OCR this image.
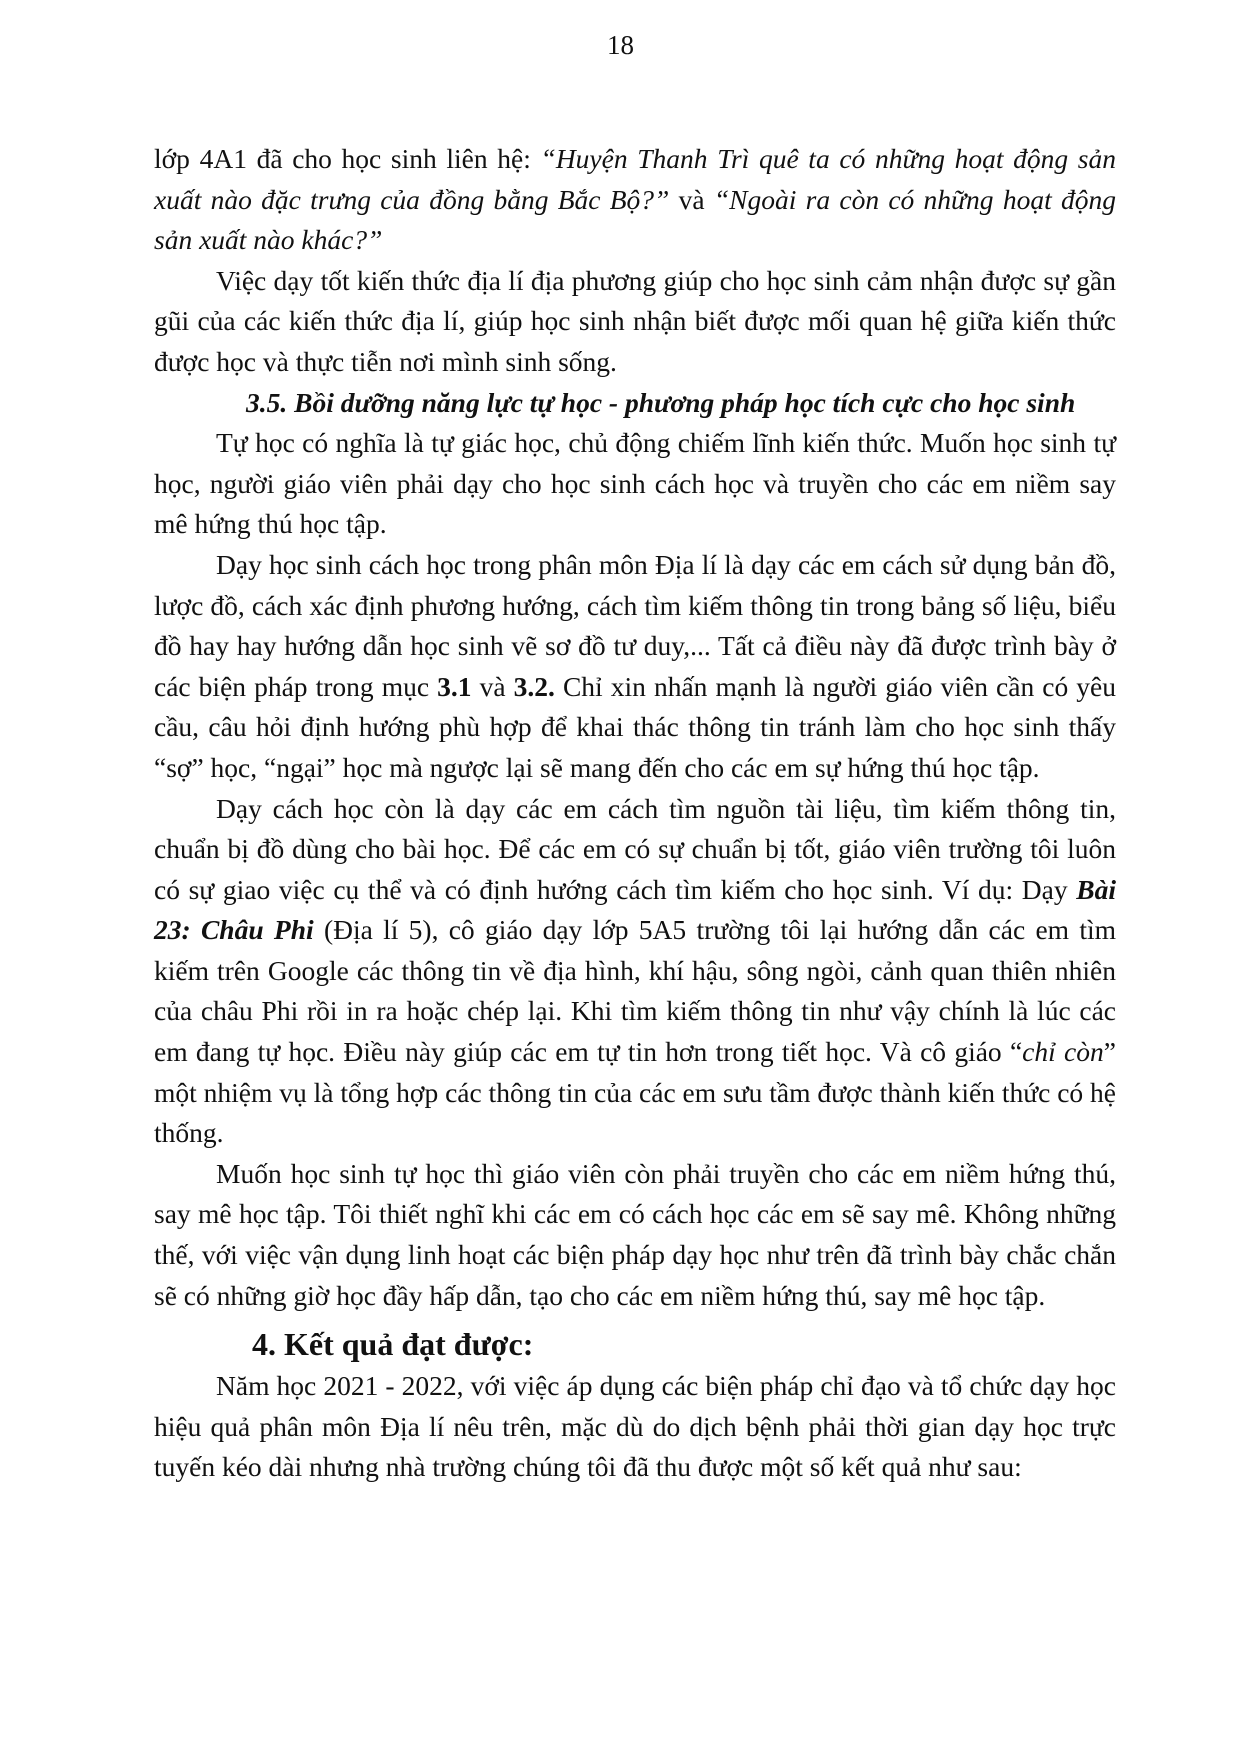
18

lớp 4A1 đã cho học sinh liên hệ: “Huyện Thanh Trì quê ta có những hoạt động sản xuất nào đặc trưng của đồng bằng Bắc Bộ?” và “Ngoài ra còn có những hoạt động sản xuất nào khác?”

Việc dạy tốt kiến thức địa lí địa phương giúp cho học sinh cảm nhận được sự gần gũi của các kiến thức địa lí, giúp học sinh nhận biết được mối quan hệ giữa kiến thức được học và thực tiễn nơi mình sinh sống.

3.5. Bồi dưỡng năng lực tự học - phương pháp học tích cực cho học sinh

Tự học có nghĩa là tự giác học, chủ động chiếm lĩnh kiến thức. Muốn học sinh tự học, người giáo viên phải dạy cho học sinh cách học và truyền cho các em niềm say mê hứng thú học tập.

Dạy học sinh cách học trong phân môn Địa lí là dạy các em cách sử dụng bản đồ, lược đồ, cách xác định phương hướng, cách tìm kiếm thông tin trong bảng số liệu, biểu đồ hay hay hướng dẫn học sinh vẽ sơ đồ tư duy,... Tất cả điều này đã được trình bày ở các biện pháp trong mục 3.1 và 3.2. Chỉ xin nhấn mạnh là người giáo viên cần có yêu cầu, câu hỏi định hướng phù hợp để khai thác thông tin tránh làm cho học sinh thấy “sợ” học, “ngại” học mà ngược lại sẽ mang đến cho các em sự hứng thú học tập.

Dạy cách học còn là dạy các em cách tìm nguồn tài liệu, tìm kiếm thông tin, chuẩn bị đồ dùng cho bài học. Để các em có sự chuẩn bị tốt, giáo viên trường tôi luôn có sự giao việc cụ thể và có định hướng cách tìm kiếm cho học sinh. Ví dụ: Dạy Bài 23: Châu Phi (Địa lí 5), cô giáo dạy lớp 5A5 trường tôi lại hướng dẫn các em tìm kiếm trên Google các thông tin về địa hình, khí hậu, sông ngòi, cảnh quan thiên nhiên của châu Phi rồi in ra hoặc chép lại. Khi tìm kiếm thông tin như vậy chính là lúc các em đang tự học. Điều này giúp các em tự tin hơn trong tiết học. Và cô giáo “chỉ còn” một nhiệm vụ là tổng hợp các thông tin của các em sưu tầm được thành kiến thức có hệ thống.

Muốn học sinh tự học thì giáo viên còn phải truyền cho các em niềm hứng thú, say mê học tập. Tôi thiết nghĩ khi các em có cách học các em sẽ say mê. Không những thế, với việc vận dụng linh hoạt các biện pháp dạy học như trên đã trình bày chắc chắn sẽ có những giờ học đầy hấp dẫn, tạo cho các em niềm hứng thú, say mê học tập.

4. Kết quả đạt được:

Năm học 2021 - 2022, với việc áp dụng các biện pháp chỉ đạo và tổ chức dạy học hiệu quả phân môn Địa lí nêu trên, mặc dù do dịch bệnh phải thời gian dạy học trực tuyến kéo dài nhưng nhà trường chúng tôi đã thu được một số kết quả như sau:
